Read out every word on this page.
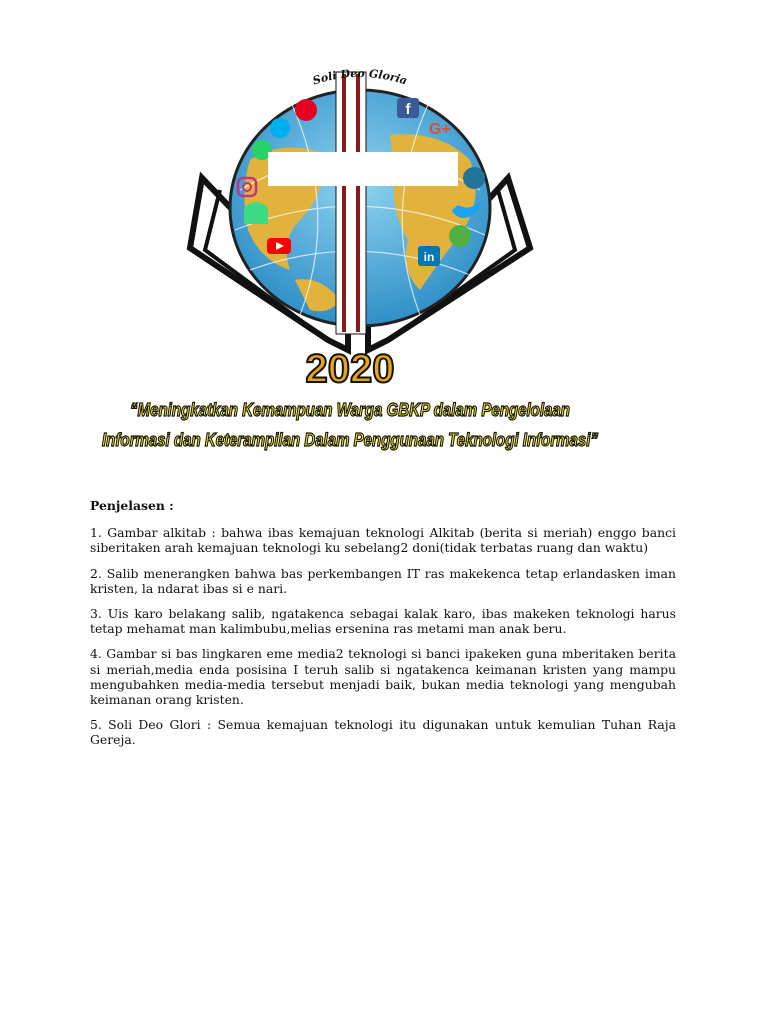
f
G+
in
Soli Deo Gloria
2020
“Meningkatkan Kemampuan Warga GBKP dalam Pengelolaan
Informasi dan Keterampilan Dalam Penggunaan Teknologi Informasi”

Penjelasen :

1. Gambar alkitab : bahwa ibas kemajuan teknologi Alkitab (berita si meriah) enggo banci siberitaken arah kemajuan teknologi ku sebelang2 doni(tidak terbatas ruang dan waktu)

2. Salib menerangken bahwa bas perkembangen IT ras makekenca tetap erlandasken iman kristen, la ndarat ibas si e nari.

3. Uis karo belakang salib, ngatakenca sebagai kalak karo, ibas makeken teknologi harus tetap mehamat man kalimbubu,melias ersenina ras metami man anak beru.

4. Gambar si bas lingkaren eme media2 teknologi si banci ipakeken guna mberitaken berita si meriah,media enda posisina I teruh salib si ngatakenca keimanan kristen yang mampu mengubahken media-media tersebut menjadi baik, bukan media teknologi yang mengubah keimanan orang kristen.

5. Soli Deo Glori : Semua kemajuan teknologi itu digunakan untuk kemulian Tuhan Raja Gereja.
